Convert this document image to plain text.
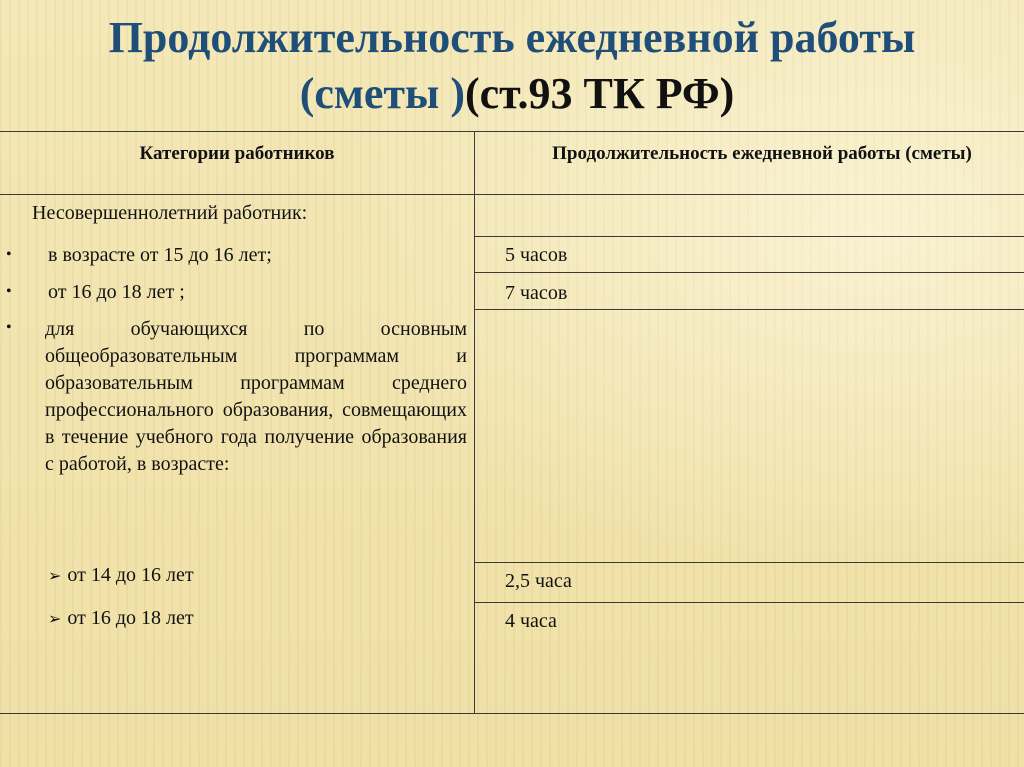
Продолжительность ежедневной работы
(сметы )(ст.93 ТК РФ)
Категории работников	Продолжительность ежедневной работы (сметы)
Несовершеннолетний работник:
• в возрасте от 15 до 16 лет;
• от 16 до 18 лет ;
• для обучающихся по основным общеобразовательным программам и образовательным программам среднего профессионального образования, совмещающих в течение учебного года получение образования с работой, в возрасте:
➢ от 14 до 16 лет
➢ от 16 до 18 лет
5 часов
7 часов
2,5 часа
4 часа
